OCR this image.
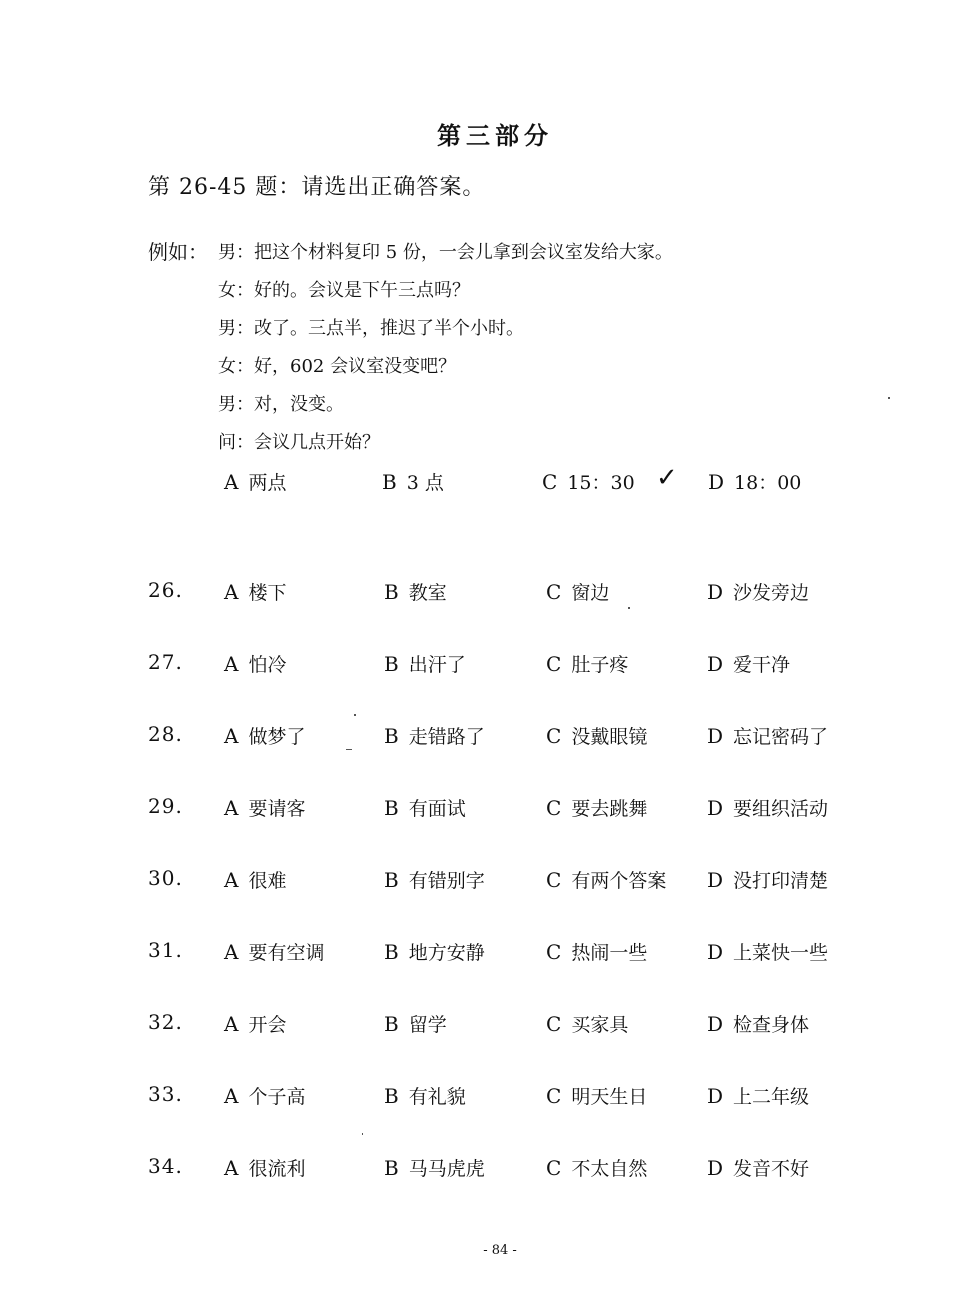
第三部分
第 26-45 题：请选出正确答案。
例如： 男：把这个材料复印 5 份，一会儿拿到会议室发给大家。
女：好的。会议是下午三点吗？
男：改了。三点半，推迟了半个小时。
女：好，602 会议室没变吧？
男：对，没变。
问：会议几点开始？
A 两点	B 3 点	C 15：30 ✓ D 18：00
26. A 楼下	B 教室	C 窗边	D 沙发旁边
27. A 怕冷	B 出汗了	C 肚子疼	D 爱干净
28. A 做梦了	B 走错路了	C 没戴眼镜	D 忘记密码了
29. A 要请客	B 有面试	C 要去跳舞	D 要组织活动
30. A 很难	B 有错别字	C 有两个答案 D 没打印清楚
31. A 要有空调	B 地方安静	C 热闹一些	D 上菜快一些
32. A 开会	B 留学	C 买家具	D 检查身体
33. A 个子高	B 有礼貌	C 明天生日	D 上二年级
34. A 很流利	B 马马虎虎	C 不太自然	D 发音不好
- 84 -
